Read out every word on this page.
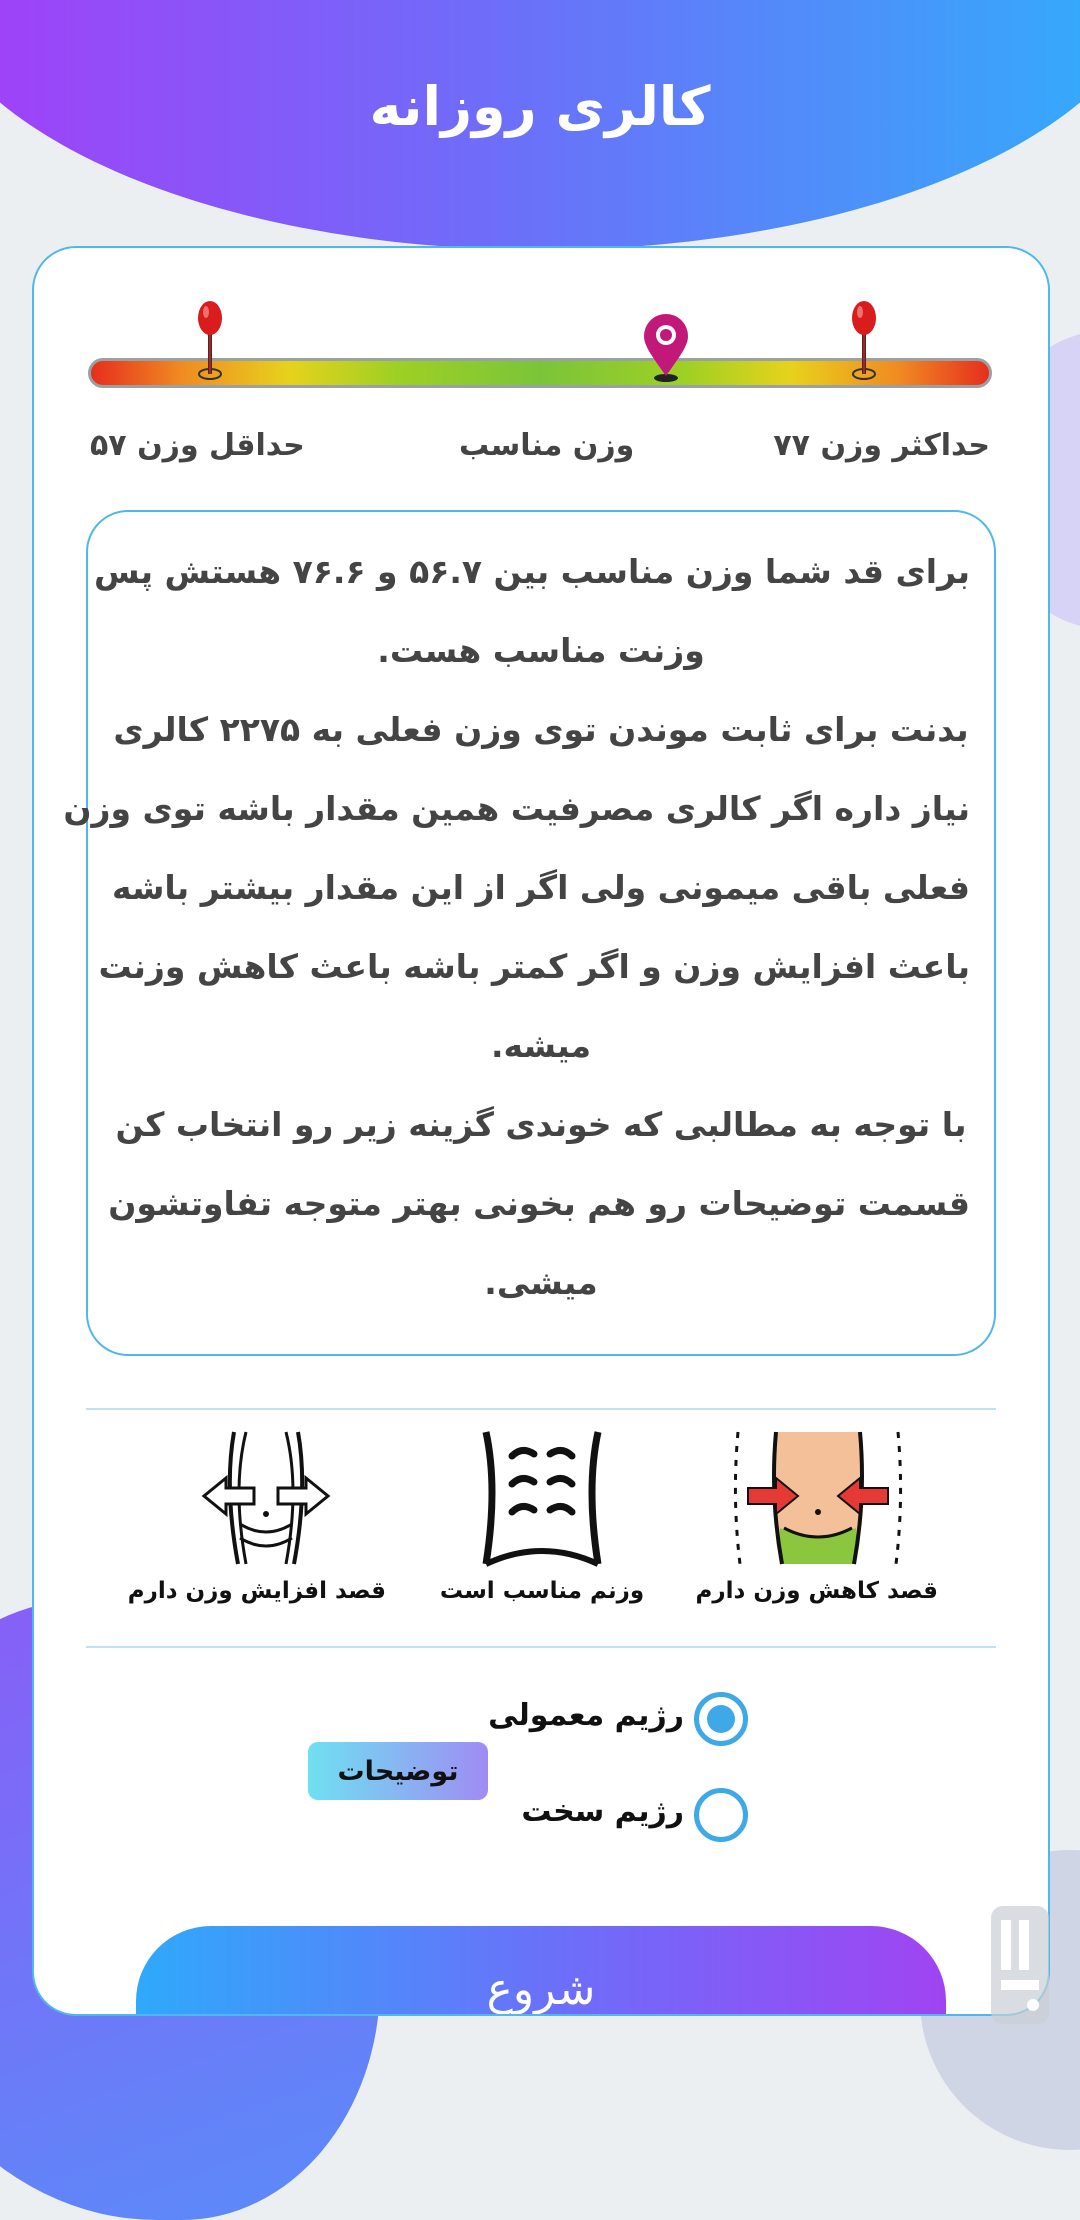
کالری روزانه
حداکثر وزن ۷۷
وزن مناسب
حداقل وزن ۵۷
برای قد شما وزن مناسب بین ۵۶.۷ و ۷۶.۶ هستش پس
وزنت مناسب هست.
بدنت برای ثابت موندن توی وزن فعلی به ۲۲۷۵ کالری
نیاز داره اگر کالری مصرفیت همین مقدار باشه توی وزن
فعلی باقی میمونی ولی اگر از این مقدار بیشتر باشه
باعث افزایش وزن و اگر کمتر باشه باعث کاهش وزنت
میشه.
با توجه به مطالبی که خوندی گزینه زیر رو انتخاب کن
قسمت توضیحات رو هم بخونی بهتر متوجه تفاوتشون
میشی.
قصد کاهش وزن دارم
وزنم مناسب است
قصد افزایش وزن دارم
رژیم معمولی
رژیم سخت
توضیحات
شروع
